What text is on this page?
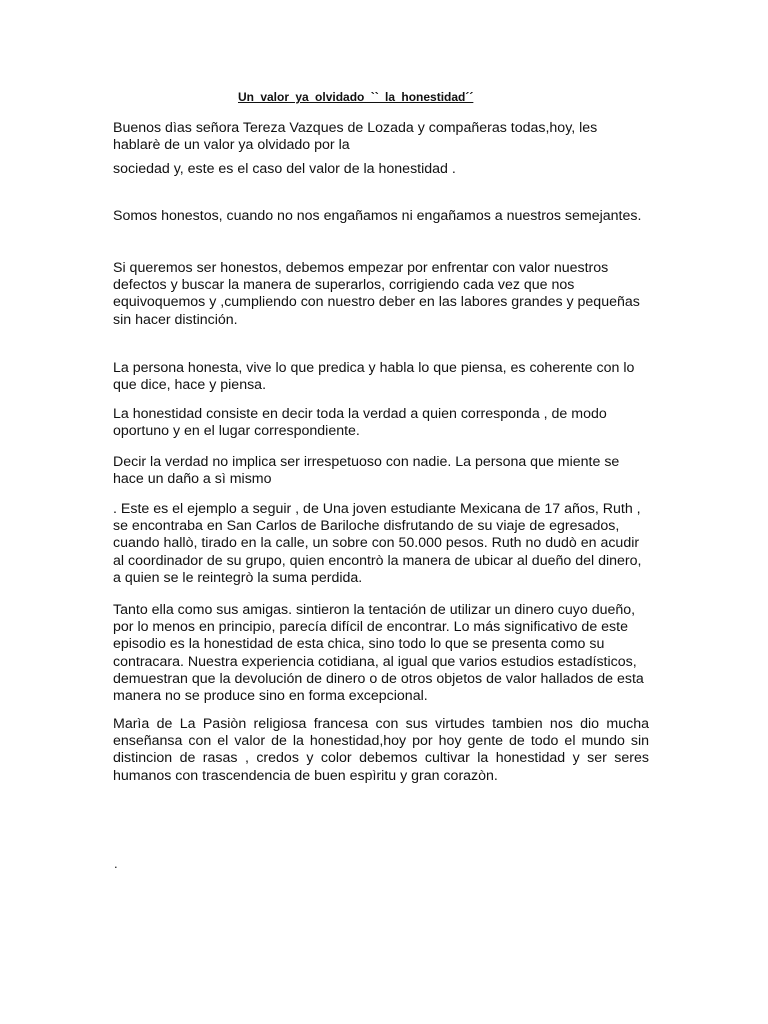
Un valor ya olvidado `` la honestidad´´

Buenos dìas señora Tereza Vazques de Lozada y compañeras todas,hoy, les hablarè de un valor ya olvidado por la

sociedad y, este es el caso del valor de la honestidad .

Somos honestos, cuando no nos engañamos ni engañamos a nuestros semejantes.

Si queremos ser honestos, debemos empezar por enfrentar con valor nuestros defectos y buscar la manera de superarlos, corrigiendo cada vez que nos equivoquemos y ,cumpliendo con nuestro deber en las labores grandes y pequeñas sin hacer distinción.

La persona honesta, vive lo que predica y habla lo que piensa, es coherente con lo que dice, hace y piensa.

La honestidad consiste en decir toda la verdad a quien corresponda , de modo oportuno y en el lugar correspondiente.

Decir la verdad no implica ser irrespetuoso con nadie. La persona que miente se hace un daño a sì mismo

. Este es el ejemplo a seguir , de Una joven estudiante Mexicana de 17 años, Ruth , se encontraba en San Carlos de Bariloche disfrutando de su viaje de egresados, cuando hallò, tirado en la calle, un sobre con 50.000 pesos. Ruth no dudò en acudir al coordinador de su grupo, quien encontrò la manera de ubicar al dueño del dinero, a quien se le reintegrò la suma perdida.

Tanto ella como sus amigas. sintieron la tentación de utilizar un dinero cuyo dueño, por lo menos en principio, parecía difícil de encontrar. Lo más significativo de este episodio es la honestidad de esta chica, sino todo lo que se presenta como su contracara. Nuestra experiencia cotidiana, al igual que varios estudios estadísticos, demuestran que la devolución de dinero o de otros objetos de valor hallados de esta manera no se produce sino en forma excepcional.

Marìa de La Pasiòn religiosa francesa con sus virtudes tambien nos dio mucha enseñansa con el valor de la honestidad,hoy por hoy gente de todo el mundo sin distincion de rasas , credos y color debemos cultivar la honestidad y ser seres humanos con trascendencia de buen espìritu y gran corazòn.

.
